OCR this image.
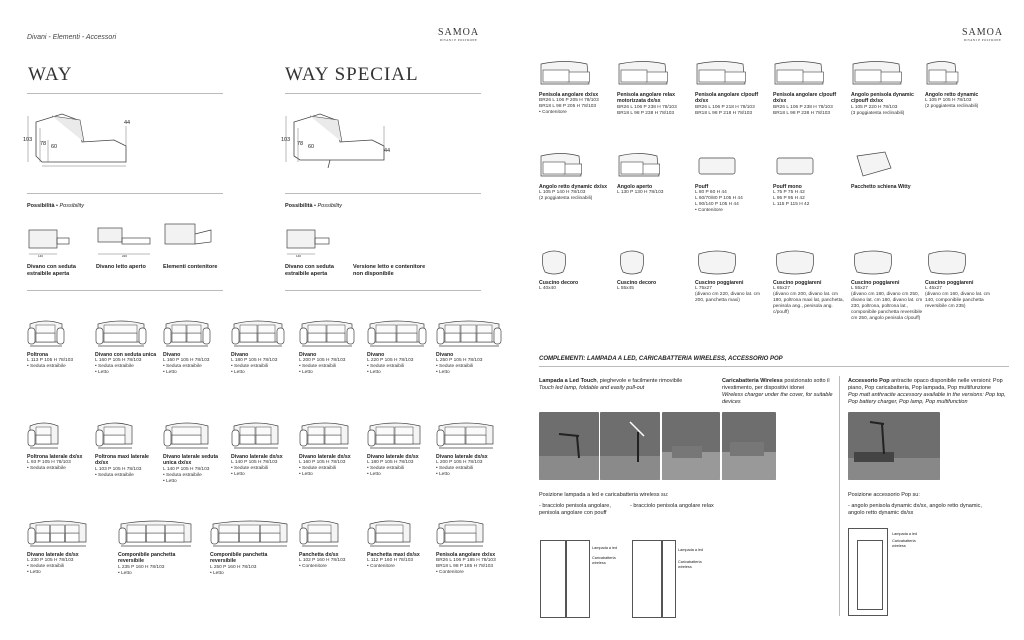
Divani - Elementi - Accessori	SAMOA
DIVANI E POLTRONE
WAY	WAY SPECIAL
103
78 60
44
103
78 60
44
Possibilità • Possibility	Possibilità • Possibility
140	220
Divano con seduta estraibile aperta
Divano letto aperto	Elementi contenitore
140
Divano con seduta estraibile aperta
Versione letto e contenitore non disponibile
Poltrona
L 113 P 105 H 78/103
• Seduta estraibile
Divano con seduta unica
L 160 P 105 H 78/103
• Seduta estraibile
• Letto
Divano
L 160 P 105 H 78/103
• Seduta estraibile
• Letto
Divano
L 180 P 105 H 78/103
• Sedute estraibili
• Letto
Divano
L 200 P 105 H 78/103
• Sedute estraibili
• Letto
Divano
L 220 P 105 H 78/103
• Sedute estraibili
• Letto
Divano
L 250 P 105 H 78/103
• Sedute estraibili
• Letto
Poltrona laterale dx/sx
L 93 P 105 H 78/103
• Seduta estraibile
Poltrona maxi laterale dx/sx
L 103 P 105 H 78/103
• Seduta estraibile
Divano laterale seduta unica dx/sx
L 140 P 105 H 78/103
• Seduta estraibile
• Letto
Divano laterale dx/sx
L 140 P 105 H 78/103
• Sedute estraibili
• Letto
Divano laterale dx/sx
L 160 P 105 H 78/103
• Sedute estraibili
• Letto
Divano laterale dx/sx
L 180 P 105 H 78/103
• Sedute estraibili
• Letto
Divano laterale dx/sx
L 200 P 105 H 78/103
• Sedute estraibili
• Letto
Divano laterale dx/sx
L 230 P 105 H 78/103
• Sedute estraibili
• Letto
Componibile panchetta reversibile
L 235 P 160 H 78/103
• Letto
Componibile panchetta reversibile
L 250 P 160 H 78/103
• Letto
Panchetta dx/sx
L 102 P 160 H 78/103
• Contenitore
Panchetta maxi dx/sx
L 112 P 160 H 78/103
• Contenitore
Penisola angolare dx/sx
BR26 L 106 P 185 H 78/103
BR18 L 98 P 185 H 78/103
• Contenitore
SAMOA
DIVANI E POLTRONE
COMPLEMENTI: LAMPADA A LED, CARICABATTERIA WIRELESS, ACCESSORIO POP
Lampada a Led Touch, pieghevole e facilmente rimovibile
Touch led lamp, foldable and easily pull-out
Caricabatteria Wireless posizionato sotto il rivestimento, per dispositivi idonei
Wireless charger under the cover, for suitable devices
Accessorio Pop antracite opaco disponibile nelle versioni: Pop piano, Pop caricabatteria, Pop lampada, Pop multifunzione
Pop matt anthracite accessory available in the versions: Pop top, Pop battery charger, Pop lamp, Pop multifunction
Posizione lampada a led e caricabatteria wireless su:
- bracciolo penisola angolare, penisola angolare con pouff
- bracciolo penisola angolare relax
Posizione accessorio Pop su:
- angolo penisola dynamic dx/sx, angolo retto dynamic, angolo retto dynamic dx/sx
Lampada a led
Caricabatteria wireless
Lampada a led
Caricabatteria wireless
Lampada a led
Caricabatteria wireless
Penisola angolare dx/sx
BR26 L 106 P 205 H 78/103
BR18 L 98 P 205 H 78/103
• Contenitore
Penisola angolare relax motorizzata dx/sx
BR26 L 106 P 238 H 78/103
BR18 L 98 P 238 H 78/103
Penisola angolare c/pouff dx/sx
BR26 L 106 P 218 H 78/103
BR18 L 98 P 218 H 78/103
Penisola angolare c/pouff dx/sx
BR26 L 106 P 238 H 78/103
BR18 L 98 P 238 H 78/103
Angolo penisola dynamic c/pouff dx/sx
L 105 P 220 H 78/103
(3 poggiatesta reclinabili)
Angolo retto dynamic
L 105 P 105 H 78/103
(2 poggiatesta reclinabili)
Angolo retto dynamic dx/sx
L 105 P 140 H 78/103
(2 poggiatesta reclinabili)
Angolo aperto
L 130 P 130 H 78/103
Pouff
L 80 P 60 H 44
L 60/70/80 P 105 H 44
L 90/140 P 105 H 44
• Contenitore
Pouff mono
L 75 P 75 H 42
L 95 P 95 H 42
L 115 P 115 H 42
Pacchetto schiena Witty
Cuscino decoro
L 40x40
Cuscino decoro
L 55x45
Cuscino poggiareni
L 75x27
(divano cm 220, divano lat. cm 200, panchetta maxi)
Cuscino poggiareni
L 65x27
(divano cm 200, divano lat. cm 180, poltrona maxi lat, panchetta, penisola ang., penisola ang. c/pouff)
Cuscino poggiareni
L 55x27
(divano cm 180, divano cm 250, divano lat. cm 160, divano lat. cm 230, poltrona, poltrona lat., componibile panchetta reversibile cm 250, angolo penisola c/pouff)
Cuscino poggiareni
L 45x27
(divano cm 160, divano lat. cm 140, componibile panchetta reversibile cm 235)
